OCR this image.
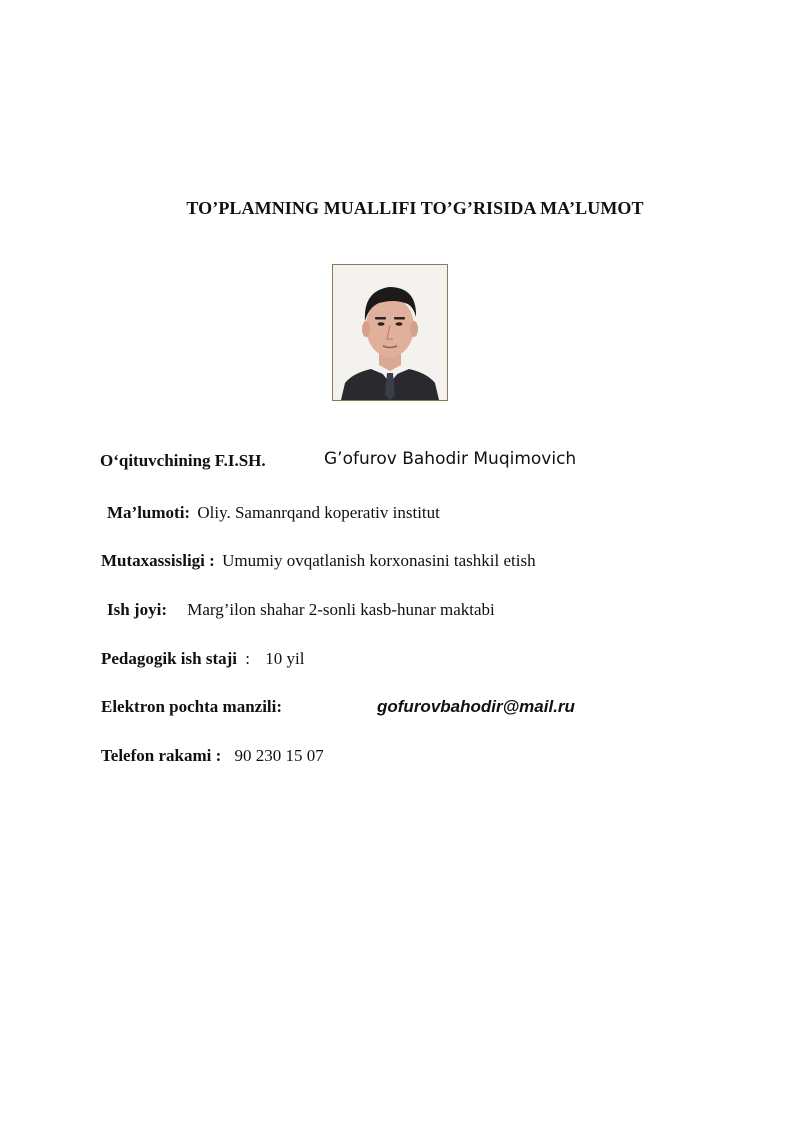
TO’PLAMNING MUALLIFI TO’G’RISIDA MA’LUMOT
O‘qituvchining F.I.SH.	G’ofurov Bahodir Muqimovich
Ma’lumoti: Oliy. Samanrqand koperativ institut
Mutaxassisligi : Umumiy ovqatlanish korxonasini tashkil etish
Ish joyi: Marg’ilon shahar 2-sonli kasb-hunar maktabi
Pedagogik ish staji : 10 yil
Elektron pochta manzili:	gofurovbahodir@mail.ru
Telefon rakami : 90 230 15 07
